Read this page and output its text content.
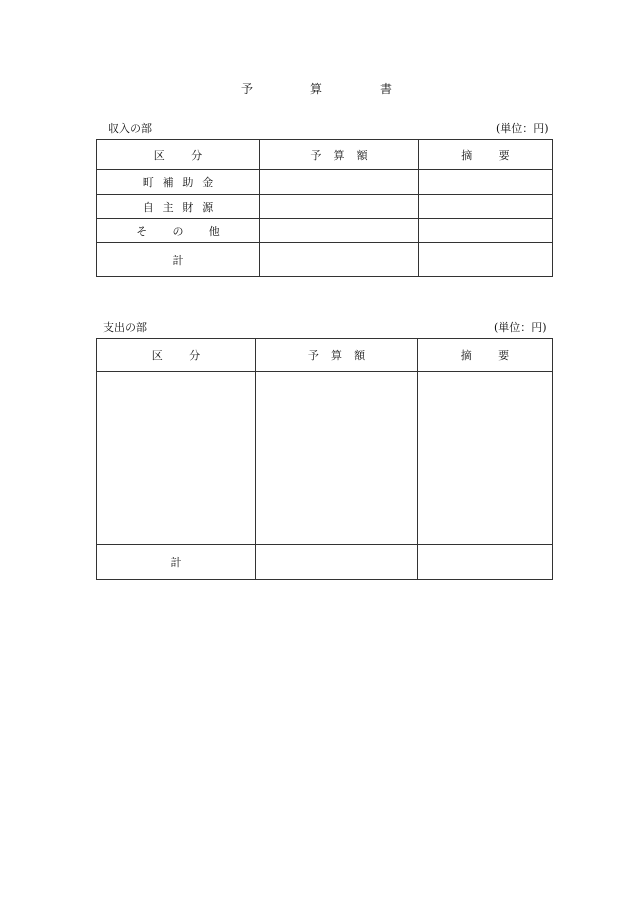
予	算	書
収入の部	(単位：円)
区分	予算額	摘要
町補助金		
自主財源		
その他		
計		
支出の部	(単位：円)
区分	予算額	摘要

計		
